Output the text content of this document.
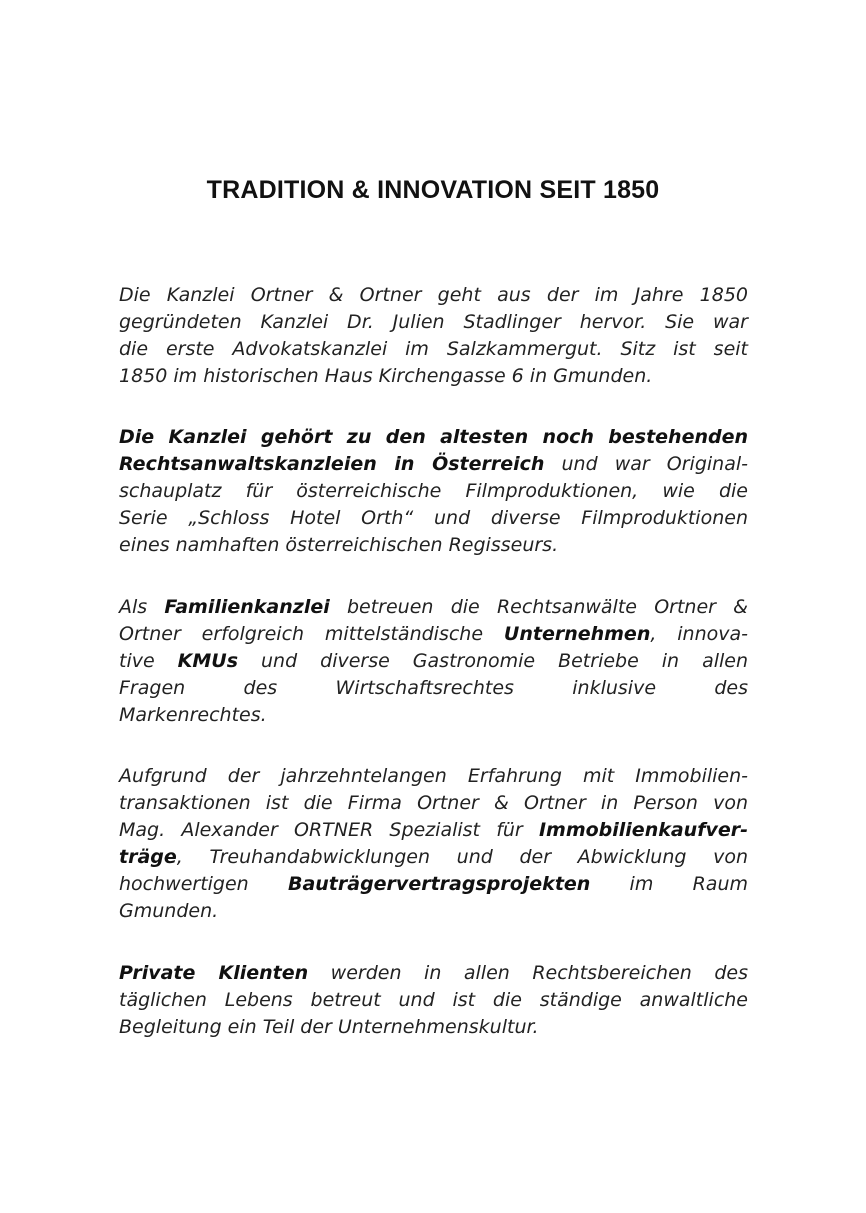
TRADITION & INNOVATION SEIT 1850

Die Kanzlei Ortner & Ortner geht aus der im Jahre 1850
gegründeten Kanzlei Dr. Julien Stadlinger hervor. Sie war
die erste Advokatskanzlei im Salzkammergut. Sitz ist seit
1850 im historischen Haus Kirchengasse 6 in Gmunden.

Die Kanzlei gehört zu den altesten noch bestehenden
Rechtsanwaltskanzleien in Österreich und war Original-
schauplatz für österreichische Filmproduktionen, wie die
Serie „Schloss Hotel Orth“ und diverse Filmproduktionen
eines namhaften österreichischen Regisseurs.

Als Familienkanzlei betreuen die Rechtsanwälte Ortner &
Ortner erfolgreich mittelständische Unternehmen, innova-
tive KMUs und diverse Gastronomie Betriebe in allen
Fragen des Wirtschaftsrechtes inklusive des
Markenrechtes.

Aufgrund der jahrzehntelangen Erfahrung mit Immobilien-
transaktionen ist die Firma Ortner & Ortner in Person von
Mag. Alexander ORTNER Spezialist für Immobilienkaufver-
träge, Treuhandabwicklungen und der Abwicklung von
hochwertigen Bauträgervertragsprojekten im Raum
Gmunden.

Private Klienten werden in allen Rechtsbereichen des
täglichen Lebens betreut und ist die ständige anwaltliche
Begleitung ein Teil der Unternehmenskultur.
